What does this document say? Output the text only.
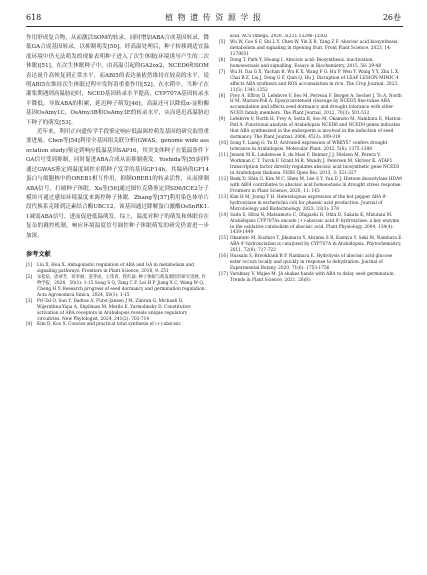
618	植 物 遗 传 资 源 学 报	26卷

作用形成复合物，从而激活SOM的转录，同时增加ABA合成基因转录，降低GA合成基因转录，以抑制萌发[50]。经高温处理后，种子转移到适宜温度环境中仍无法萌发的现象表明种子进入了次生休眠(环境诱导产生的二次休眠)[51]。在次生休眠种子中，由高温引起的GA2ox2，NCED6和SOM表达量升高恢复到正常水平，而ABI5的表达量依然维持在较高的水平，说明ABI5在维持次生休眠过程中发挥着重要作用[52]。在水稻中，当种子在灌浆期遇到高温胁迫时，NCED基因转录水平提高，CYP707A基因转录水平降低，导致ABA的积累，延迟种子萌发[46]。高温还可以降低α-淀粉酶基因OsAmy1C，OsAmy3B和OsAmy3E的转录水平，从而延迟高温胁迫下种子的萌发[53]。

近年来，利用正向遗传学手段鉴定响应低温调控萌发基因的研究取得重要进展。Chen等[54]利用全基因组关联分析(GWAS，genome wide association study)鉴定到响应低温基因SAP16，其突变体种子在低温条件下GA信号受到抑制，同时促进ABA合成从而抑制萌发。Yoshida等[55]同样通过GWAS鉴定到温度调控水稻种子发芽的基因GF14h，其编码的GF14蛋白与细胞核中的OREB1相互作用，抑制OREB1的转录活性，从而抑制ABA信号，打破种子休眠。Xu等[56]通过图位克隆鉴定到SD6/ICE2分子模块可通过感知环境温度来调控种子休眠。Zhang等[57]利用染色体单片段代换系克隆到泛素结合酶UBC12，该基因通过降解蛋白激酶OsSnRK1.1减弱ABA信号，进而促进低温萌发。综上，温度对种子的萌发和休眠存在复杂的调控机制，响应环境温度信号调控种子休眠萌发的研究仍需进一步加深。

参考文献
[1]	Liu X, Hou X. Antagonistic regulation of ABA and GA in metabolism and signaling pathways. Frontiers in Plant Science, 2018, 9: 251
[2]	宋松泉，唐翠芳，蒋李丽，姜孝成，王伟青，程红焱. 种子休眠与萌发调控的研究进展. 作物学报，2024，50(1): 1-15 Song S Q, Tang C F, Lei H P, Jiang X C, Wang W Q, Cheng H Y. Research progress of seed dormancy and germination regulation. Acta Agronomica Sinica, 2024, 50(1): 1-15
[3]	Pri-Tal O, Sun Y, Dadras A, Fürst-Jansen J M, Zimran G, Michaeli D, Wijerathna-Yapa A, Shpilman M, Merilo E, Yarmolinsky D. Constitutive activation of ABA receptors in Arabidopsis reveals unique regulatory circuitries. New Phytologist, 2024, 241(2): 703-714
[4]	Kim D, Koo S. Concise and practical total synthesis of (+)-abscisic
acid. ACS Omega, 2020, 5(22): 13296-13302
[5]	Wu W, Cao S F, Shi L Y, Chen W, Yin X R, Yang Z F. Abscisic acid biosynthesis, metabolism and signaling in ripening fruit. Front Plant Science, 2023, 14: 1279031
[6]	Dong T, Park Y, Hwang I. Abscisic acid: Biosynthesis, inactivation, homoeostasis and signalling. Essays in Biochemistry, 2015, 58: 29-48
[7]	Wu H, Dai G X, Yuchan R, Wu K X, Wang F G, Hu P, Wen Y, Wang Y Y, Zhu L X, Chai B Z, Liu J, Dong G F, Qian Q, Hu J. Disruption of LEAF LESION MIMIC 4 affects ABA synthesis and ROS accumulation in rice. The Crop Journal, 2023, 11(5): 1341-1352
[8]	Frey A, Effroy D, Lefebvre V, Seo M, Perreau F, Berger A, Sechet J, To A, North H M, Marion-Poll A. Epoxycarotenoid cleavage by NCED5 fine-tunes ABA accumulation and affects seed dormancy and drought tolerance with other NCED family members. The Plant Journal, 2012, 70(3): 501-512
[9]	Lefebvre V, North H, Frey A, Sotta B, Seo M, Okamoto M, Nambara E, Marion-Poll A. Functional analysis of Arabidopsis NCED6 and NCED9 genes indicates that ABA synthesized in the endosperm is involved in the induction of seed dormancy. The Plant Journal, 2006, 45(3): 309-319
[10] Song Y, Liang G, Yu D. Activated expression of WRKY57 confers drought tolerance in Arabidopsis. Molecular Plant, 2012, 5(6): 1375-1388
[11] Jensen M K, Lindemose S, de Masi F, Reimer J J, Nielsen M, Perera V, Workman C T, Turck F, Grant M R, Mundy J, Petersen M, Skriver K. ATAF1 transcription factor directly regulates abscisic acid biosynthetic gene NCED3 in Arabidopsis thaliana. FEBS Open Bio, 2013, 3: 321-327
[12] Baek D, Shin G, Kim M C, Shen M, Lee S Y, Yun D J. Histone deacetylase HDA9 with ABI4 contributes to abscisic acid homeostasis in drought stress response. Frontiers in Plant Science, 2020, 11: 143
[13] Kim H M, Joung Y H. Heterologous expression of the hot pepper ABA 8'-hydroxylase in escherichia coli for phaseic acid production. Journal of Microbiology and Biotechnology, 2023, 33(3): 378
[14] Saito S, Hirai N, Matsumoto C, Ohigashi H, Ohta D, Sakata K, Mizutani M. Arabidopsis CYP707As encode (+)-abscisic acid 8'-hydroxylase, a key enzyme in the oxidative catabolism of abscisic acid. Plant Physiology, 2004, 134(4): 1439-1449
[15] Okamoto M, Kushiro T, Jikumaru Y, Abrams S R, Kamiya Y, Seki M, Nambara E. ABA 9'-hydroxylation is catalyzed by CYP707A in Arabidopsis. Phytochemistry, 2011, 72(8): 717-722
[16] Hussain S, Brookbank B P, Nambara E. Hydrolysis of abscisic acid glucose ester occurs locally and quickly in response to dehydration. Journal of Experimental Botany, 2020, 71(6): 1753-1756
[17] Varshney V, Majee M. JA shakes hands with ABA to delay seed germination. Trends in Plant Science, 2021, 26(8):
